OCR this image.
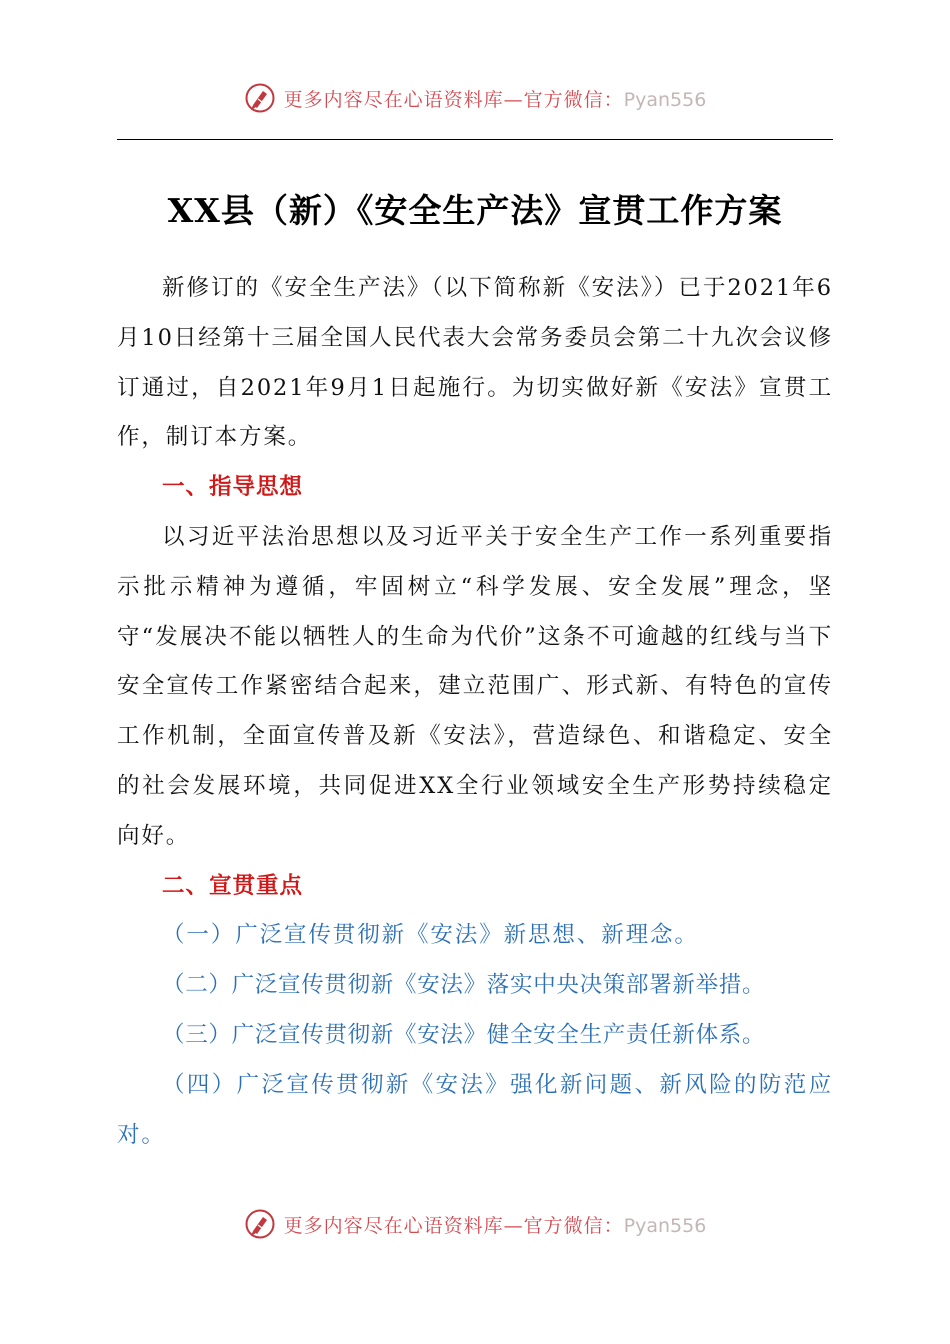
更多内容尽在心语资料库—官方微信：Pyan556
XX县（新）《安全生产法》宣贯工作方案

新修订的《安全生产法》（以下简称新《安法》）已于2021年6月10日经第十三届全国人民代表大会常务委员会第二十九次会议修订通过，自2021年9月1日起施行。为切实做好新《安法》宣贯工作，制订本方案。

一、指导思想

以习近平法治思想以及习近平关于安全生产工作一系列重要指示批示精神为遵循，牢固树立“科学发展、安全发展”理念，坚守“发展决不能以牺牲人的生命为代价”这条不可逾越的红线与当下安全宣传工作紧密结合起来，建立范围广、形式新、有特色的宣传工作机制，全面宣传普及新《安法》，营造绿色、和谐稳定、安全的社会发展环境，共同促进XX全行业领域安全生产形势持续稳定向好。

二、宣贯重点

（一）广泛宣传贯彻新《安法》新思想、新理念。

（二）广泛宣传贯彻新《安法》落实中央决策部署新举措。

（三）广泛宣传贯彻新《安法》健全安全生产责任新体系。

（四）广泛宣传贯彻新《安法》强化新问题、新风险的防范应对。

更多内容尽在心语资料库—官方微信：Pyan556
